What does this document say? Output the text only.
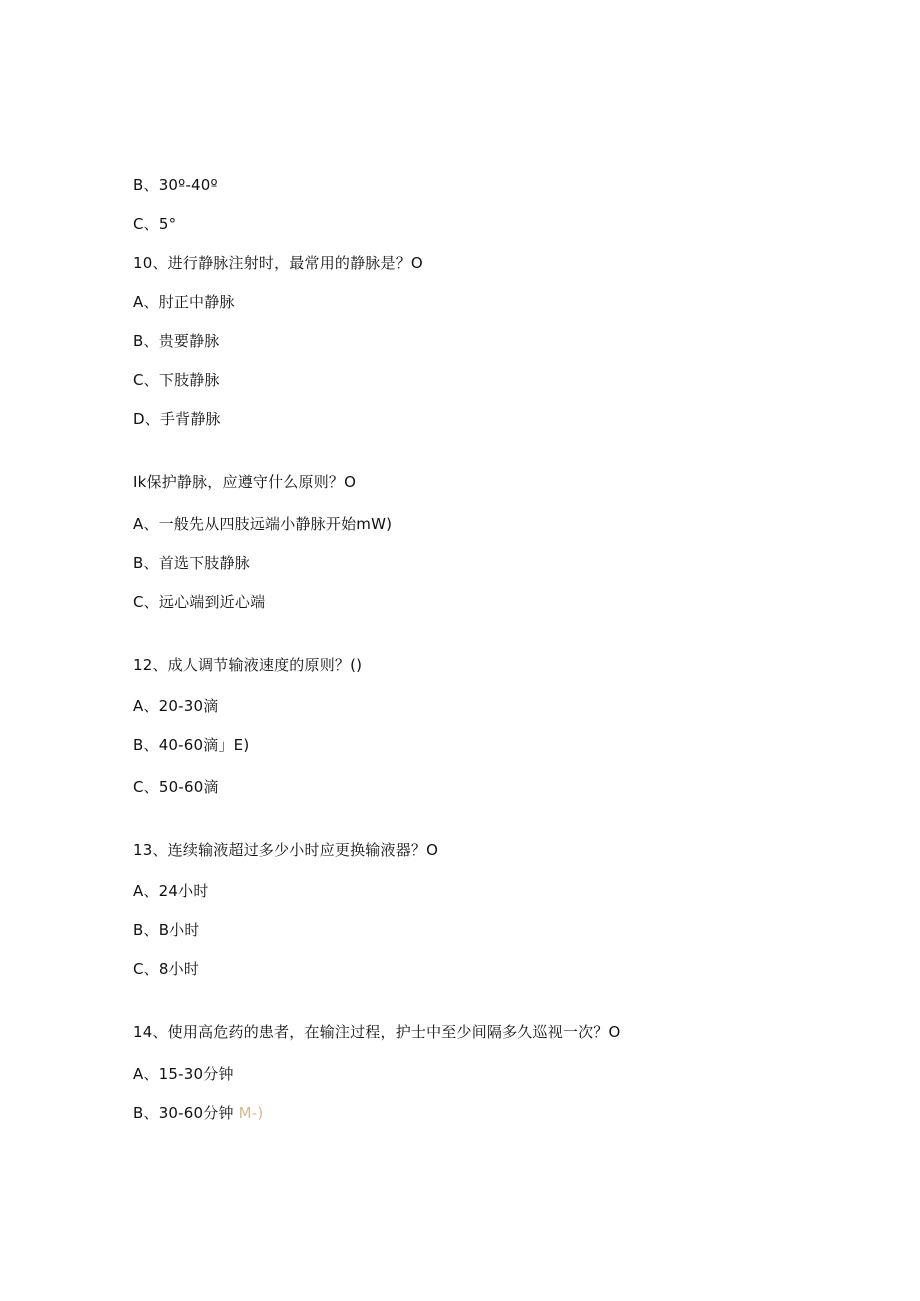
B、30º-40º
C、5°
10、进行静脉注射时，最常用的静脉是？O
A、肘正中静脉
B、贵要静脉
C、下肢静脉
D、手背静脉
Ik保护静脉，应遵守什么原则？O
A、一般先从四肢远端小静脉开始mW)
B、首选下肢静脉
C、远心端到近心端
12、成人调节输液速度的原则？()
A、20-30滴
B、40-60滴」E)
C、50-60滴
13、连续输液超过多少小时应更换输液器？O
A、24小时
B、B小时
C、8小时
14、使用高危药的患者，在输注过程，护士中至少间隔多久巡视一次？O
A、15-30分钟
B、30-60分钟 M-)
